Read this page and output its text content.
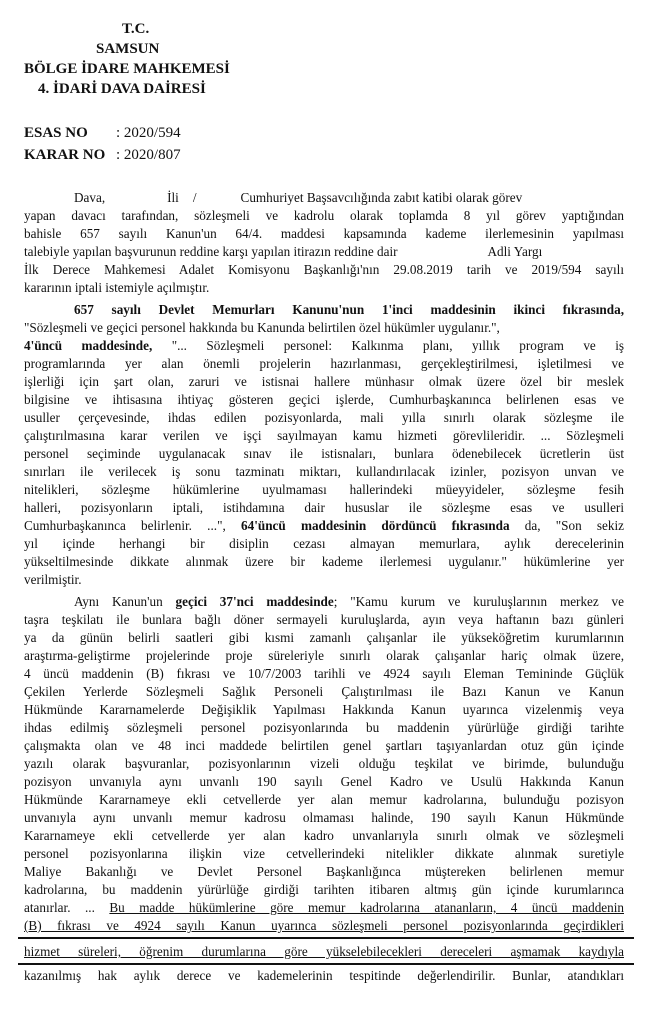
T.C.
SAMSUN
BÖLGE İDARE MAHKEMESİ
4. İDARİ DAVA DAİRESİ
ESAS NO : 2020/594
KARAR NO : 2020/807
Dava,	İli /	Cumhuriyet Başsavcılığında zabıt katibi olarak görev
yapan davacı tarafından, sözleşmeli ve kadrolu olarak toplamda 8 yıl görev yaptığından
bahisle 657 sayılı Kanun'un 64/4. maddesi kapsamında kademe ilerlemesinin yapılması
talebiyle yapılan başvurunun reddine karşı yapılan itirazın reddine dair	Adli Yargı
İlk Derece Mahkemesi Adalet Komisyonu Başkanlığı'nın 29.08.2019 tarih ve 2019/594 sayılı
kararının iptali istemiyle açılmıştır.
657 sayılı Devlet Memurları Kanunu'nun 1'inci maddesinin ikinci fıkrasında,
"Sözleşmeli ve geçici personel hakkında bu Kanunda belirtilen özel hükümler uygulanır.",
4'üncü maddesinde, "... Sözleşmeli personel: Kalkınma planı, yıllık program ve iş
programlarında yer alan önemli projelerin hazırlanması, gerçekleştirilmesi, işletilmesi ve
işlerliği için şart olan, zaruri ve istisnai hallere münhasır olmak üzere özel bir meslek
bilgisine ve ihtisasına ihtiyaç gösteren geçici işlerde, Cumhurbaşkanınca belirlenen esas ve
usuller çerçevesinde, ihdas edilen pozisyonlarda, mali yılla sınırlı olarak sözleşme ile
çalıştırılmasına karar verilen ve işçi sayılmayan kamu hizmeti görevlileridir. ... Sözleşmeli
personel seçiminde uygulanacak sınav ile istisnaları, bunlara ödenebilecek ücretlerin üst
sınırları ile verilecek iş sonu tazminatı miktarı, kullandırılacak izinler, pozisyon unvan ve
nitelikleri, sözleşme hükümlerine uyulmaması hallerindeki müeyyideler, sözleşme fesih
halleri, pozisyonların iptali, istihdamına dair hususlar ile sözleşme esas ve usulleri
Cumhurbaşkanınca belirlenir. ...", 64'üncü maddesinin dördüncü fıkrasında da, "Son sekiz
yıl içinde herhangi bir disiplin cezası almayan memurlara, aylık derecelerinin
yükseltilmesinde dikkate alınmak üzere bir kademe ilerlemesi uygulanır." hükümlerine yer
verilmiştir.
Aynı Kanun'un geçici 37'nci maddesinde; "Kamu kurum ve kuruluşlarının merkez ve
taşra teşkilatı ile bunlara bağlı döner sermayeli kuruluşlarda, ayın veya haftanın bazı günleri
ya da günün belirli saatleri gibi kısmi zamanlı çalışanlar ile yükseköğretim kurumlarının
araştırma-geliştirme projelerinde proje süreleriyle sınırlı olarak çalışanlar hariç olmak üzere,
4 üncü maddenin (B) fıkrası ve 10/7/2003 tarihli ve 4924 sayılı Eleman Temininde Güçlük
Çekilen Yerlerde Sözleşmeli Sağlık Personeli Çalıştırılması ile Bazı Kanun ve Kanun
Hükmünde Kararnamelerde Değişiklik Yapılması Hakkında Kanun uyarınca vizelenmiş veya
ihdas edilmiş sözleşmeli personel pozisyonlarında bu maddenin yürürlüğe girdiği tarihte
çalışmakta olan ve 48 inci maddede belirtilen genel şartları taşıyanlardan otuz gün içinde
yazılı olarak başvuranlar, pozisyonlarının vizeli olduğu teşkilat ve birimde, bulunduğu
pozisyon unvanıyla aynı unvanlı 190 sayılı Genel Kadro ve Usulü Hakkında Kanun
Hükmünde Kararnameye ekli cetvellerde yer alan memur kadrolarına, bulunduğu pozisyon
unvanıyla aynı unvanlı memur kadrosu olmaması halinde, 190 sayılı Kanun Hükmünde
Kararnameye ekli cetvellerde yer alan kadro unvanlarıyla sınırlı olmak ve sözleşmeli
personel pozisyonlarına ilişkin vize cetvellerindeki nitelikler dikkate alınmak suretiyle
Maliye Bakanlığı ve Devlet Personel Başkanlığınca müştereken belirlenen memur
kadrolarına, bu maddenin yürürlüğe girdiği tarihten itibaren altmış gün içinde kurumlarınca
atanırlar. ... Bu madde hükümlerine göre memur kadrolarına atananların, 4 üncü maddenin
(B) fıkrası ve 4924 sayılı Kanun uyarınca sözleşmeli personel pozisyonlarında geçirdikleri
hizmet süreleri, öğrenim durumlarına göre yükselebilecekleri dereceleri aşmamak kaydıyla
kazanılmış hak aylık derece ve kademelerinin tespitinde değerlendirilir. Bunlar, atandıkları
